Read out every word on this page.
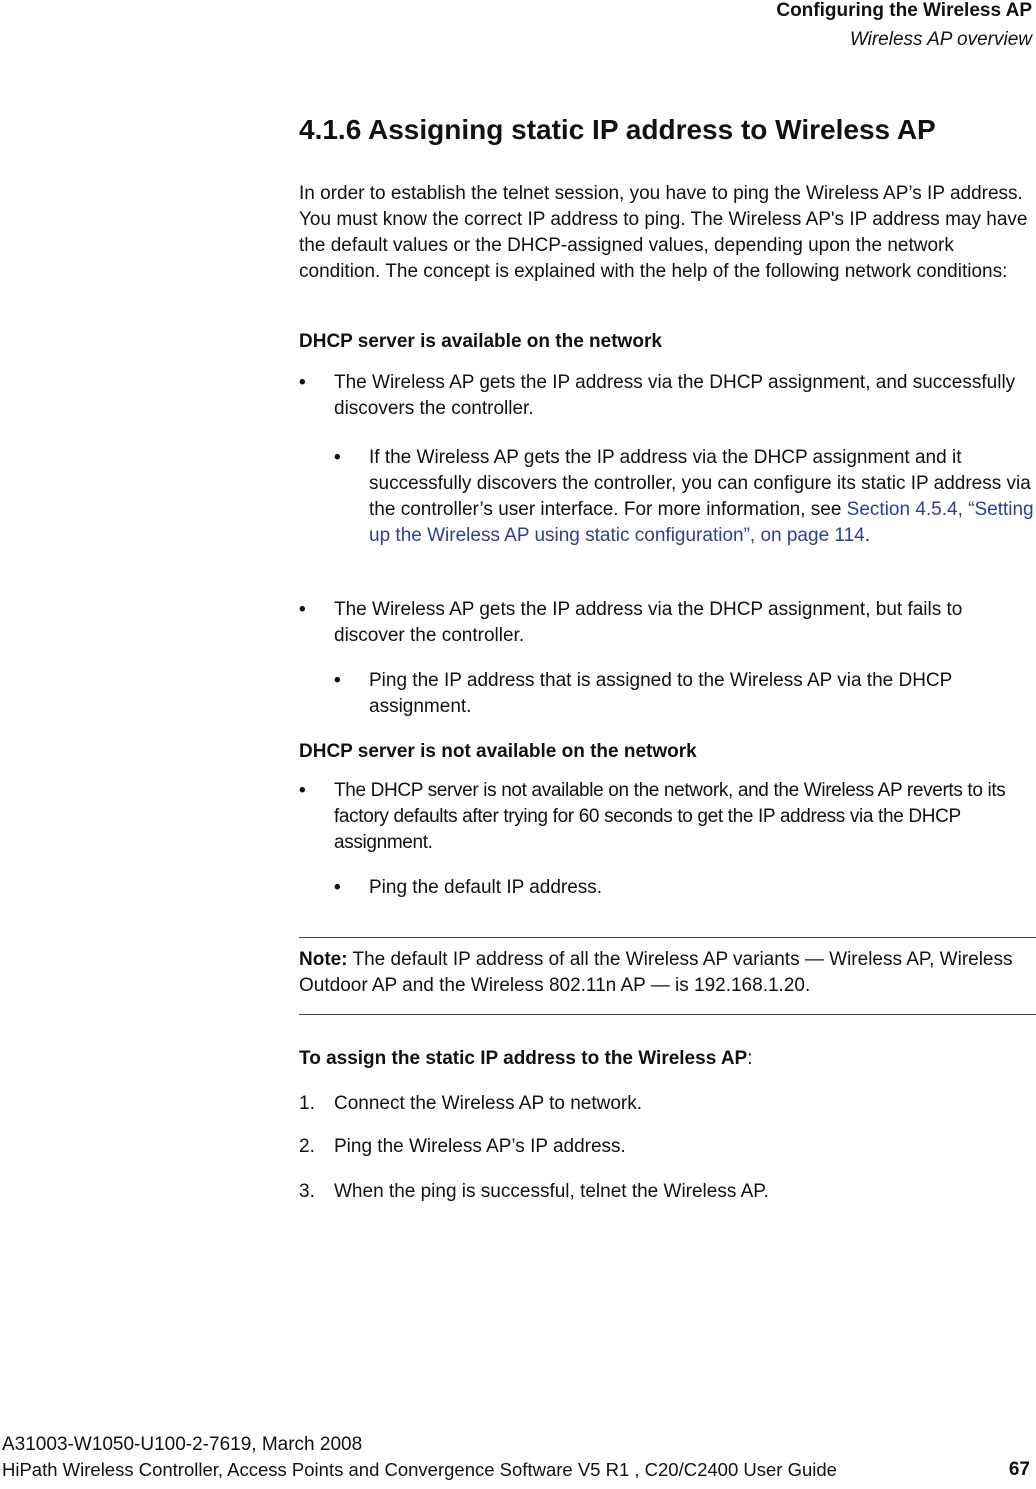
Configuring the Wireless AP
Wireless AP overview
4.1.6 Assigning static IP address to Wireless AP

In order to establish the telnet session, you have to ping the Wireless AP’s IP address. You must know the correct IP address to ping. The Wireless AP's IP address may have the default values or the DHCP-assigned values, depending upon the network condition. The concept is explained with the help of the following network conditions:

DHCP server is available on the network

• The Wireless AP gets the IP address via the DHCP assignment, and successfully discovers the controller.

• If the Wireless AP gets the IP address via the DHCP assignment and it successfully discovers the controller, you can configure its static IP address via the controller’s user interface. For more information, see Section 4.5.4, “Setting up the Wireless AP using static configuration”, on page 114.

• The Wireless AP gets the IP address via the DHCP assignment, but fails to discover the controller.

• Ping the IP address that is assigned to the Wireless AP via the DHCP assignment.

DHCP server is not available on the network

• The DHCP server is not available on the network, and the Wireless AP reverts to its factory defaults after trying for 60 seconds to get the IP address via the DHCP assignment.

• Ping the default IP address.

Note: The default IP address of all the Wireless AP variants — Wireless AP, Wireless Outdoor AP and the Wireless 802.11n AP — is 192.168.1.20.

To assign the static IP address to the Wireless AP:

1. Connect the Wireless AP to network.
2. Ping the Wireless AP’s IP address.
3. When the ping is successful, telnet the Wireless AP.
A31003-W1050-U100-2-7619, March 2008
HiPath Wireless Controller, Access Points and Convergence Software V5 R1 , C20/C2400 User Guide	67
